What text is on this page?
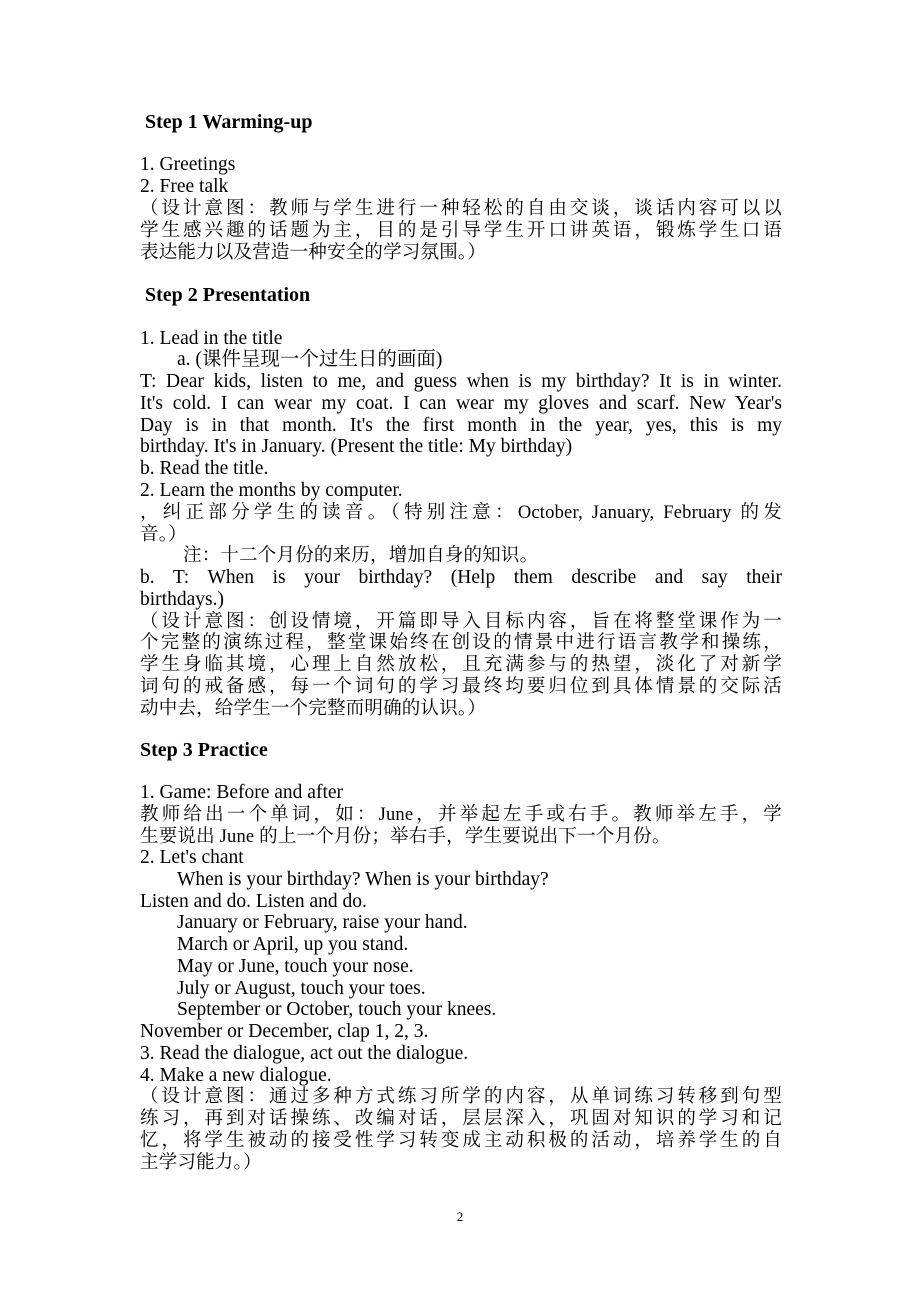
Step 1 Warming-up
1. Greetings
2. Free talk
（设计意图：教师与学生进行一种轻松的自由交谈，谈话内容可以以
学生感兴趣的话题为主，目的是引导学生开口讲英语，锻炼学生口语
表达能力以及营造一种安全的学习氛围。）
Step 2 Presentation
1. Lead in the title
a. (课件呈现一个过生日的画面)
T: Dear kids, listen to me, and guess when is my birthday? It is in winter.
It's cold. I can wear my coat. I can wear my gloves and scarf. New Year's
Day is in that month. It's the first month in the year, yes, this is my
birthday. It's in January. (Present the title: My birthday)
b. Read the title.
2. Learn the months by computer.
，纠正部分学生的读音。（特别注意：October, January, February 的发
音。）
注：十二个月份的来历，增加自身的知识。
b. T: When is your birthday? (Help them describe and say their
birthdays.)
（设计意图：创设情境，开篇即导入目标内容，旨在将整堂课作为一
个完整的演练过程，整堂课始终在创设的情景中进行语言教学和操练，
学生身临其境，心理上自然放松，且充满参与的热望，淡化了对新学
词句的戒备感，每一个词句的学习最终均要归位到具体情景的交际活
动中去，给学生一个完整而明确的认识。）
Step 3 Practice
1. Game: Before and after
教师给出一个单词，如：June，并举起左手或右手。教师举左手，学
生要说出 June 的上一个月份；举右手，学生要说出下一个月份。
2. Let's chant
When is your birthday? When is your birthday?
Listen and do. Listen and do.
January or February, raise your hand.
March or April, up you stand.
May or June, touch your nose.
July or August, touch your toes.
September or October, touch your knees.
November or December, clap 1, 2, 3.
3. Read the dialogue, act out the dialogue.
4. Make a new dialogue.
（设计意图：通过多种方式练习所学的内容，从单词练习转移到句型
练习，再到对话操练、改编对话，层层深入，巩固对知识的学习和记
忆，将学生被动的接受性学习转变成主动积极的活动，培养学生的自
主学习能力。）
2
